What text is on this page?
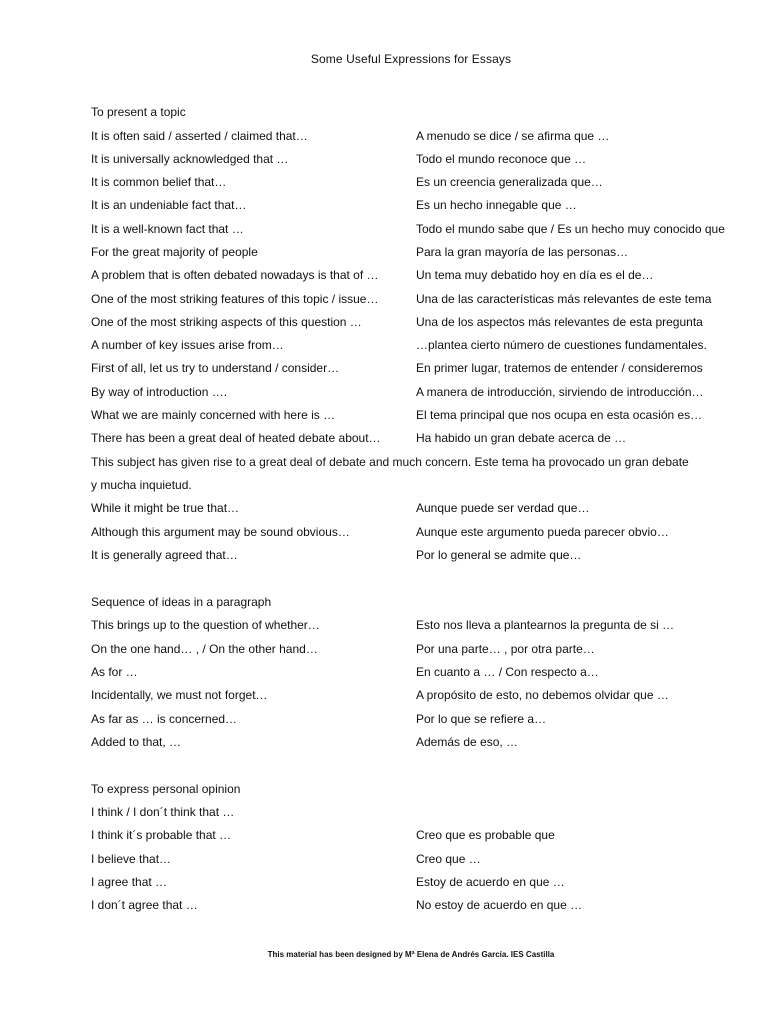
Some Useful Expressions for Essays
To present a topic
It is often said / asserted / claimed that…	A menudo se dice / se afirma que …
It is universally acknowledged that …	Todo el mundo reconoce que …
It is common belief that…	Es un creencia generalizada que…
It is an undeniable fact that…	Es un hecho innegable que …
It is a well-known fact that …	Todo el mundo sabe que / Es un hecho muy conocido que
For the great majority of people	Para la gran mayoría de las personas…
A problem that is often debated nowadays is that of …	Un tema muy debatido hoy en día es el de…
One of the most striking features of this topic / issue…	Una de las características más relevantes de este tema
One of the most striking aspects of this question …	Una de los aspectos más relevantes de esta pregunta
A number of key issues arise from…	…plantea cierto número de cuestiones fundamentales.
First of all, let us try to understand / consider…	En primer lugar, tratemos de entender / consideremos
By way of introduction ….	A manera de introducción, sirviendo de introducción…
What we are mainly concerned with here is …	El tema principal que nos ocupa en esta ocasión es…
There has been a great deal of heated debate about…	Ha habido un gran debate acerca de …
This subject has given rise to a great deal of debate and much concern. Este tema ha provocado un gran debate
y mucha inquietud.
While it might be true that…	Aunque puede ser verdad que…
Although this argument may be sound obvious…	Aunque este argumento pueda parecer obvio…
It is generally agreed that…	Por lo general se admite que…
Sequence of ideas in a paragraph
This brings up to the question of whether…	Esto nos lleva a plantearnos la pregunta de si …
On the one hand… , / On the other hand…	Por una parte… , por otra parte…
As for …	En cuanto a … / Con respecto a…
Incidentally, we must not forget…	A propósito de esto, no debemos olvidar que …
As far as … is concerned…	Por lo que se refiere a…
Added to that, …	Además de eso, …
To express personal opinion
I think / I don´t think that …
I think it´s probable that …	Creo que es probable que
I believe that…	Creo que …
I agree that …	Estoy de acuerdo en que …
I don´t agree that …	No estoy de acuerdo en que …
This material has been designed by Mª Elena de Andrés García. IES Castilla
